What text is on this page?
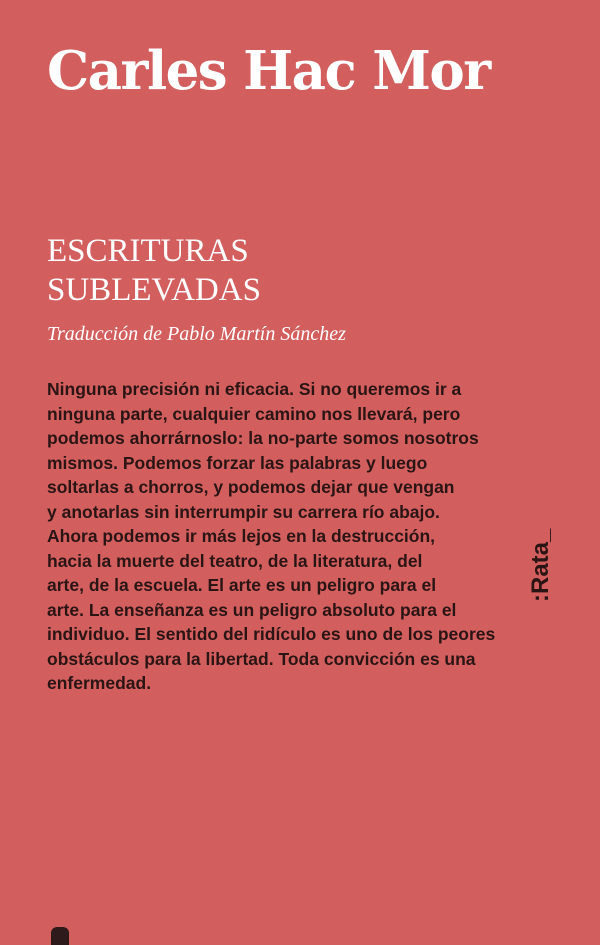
Carles Hac Mor
ESCRITURAS
SUBLEVADAS

Traducción de Pablo Martín Sánchez

Ninguna precisión ni eficacia. Si no queremos ir a
ninguna parte, cualquier camino nos llevará, pero
podemos ahorrárnoslo: la no-parte somos nosotros
mismos. Podemos forzar las palabras y luego
soltarlas a chorros, y podemos dejar que vengan
y anotarlas sin interrumpir su carrera río abajo.
Ahora podemos ir más lejos en la destrucción,
hacia la muerte del teatro, de la literatura, del
arte, de la escuela. El arte es un peligro para el
arte. La enseñanza es un peligro absoluto para el
individuo. El sentido del ridículo es uno de los peores
obstáculos para la libertad. Toda convicción es una
enfermedad.

:Rata_
